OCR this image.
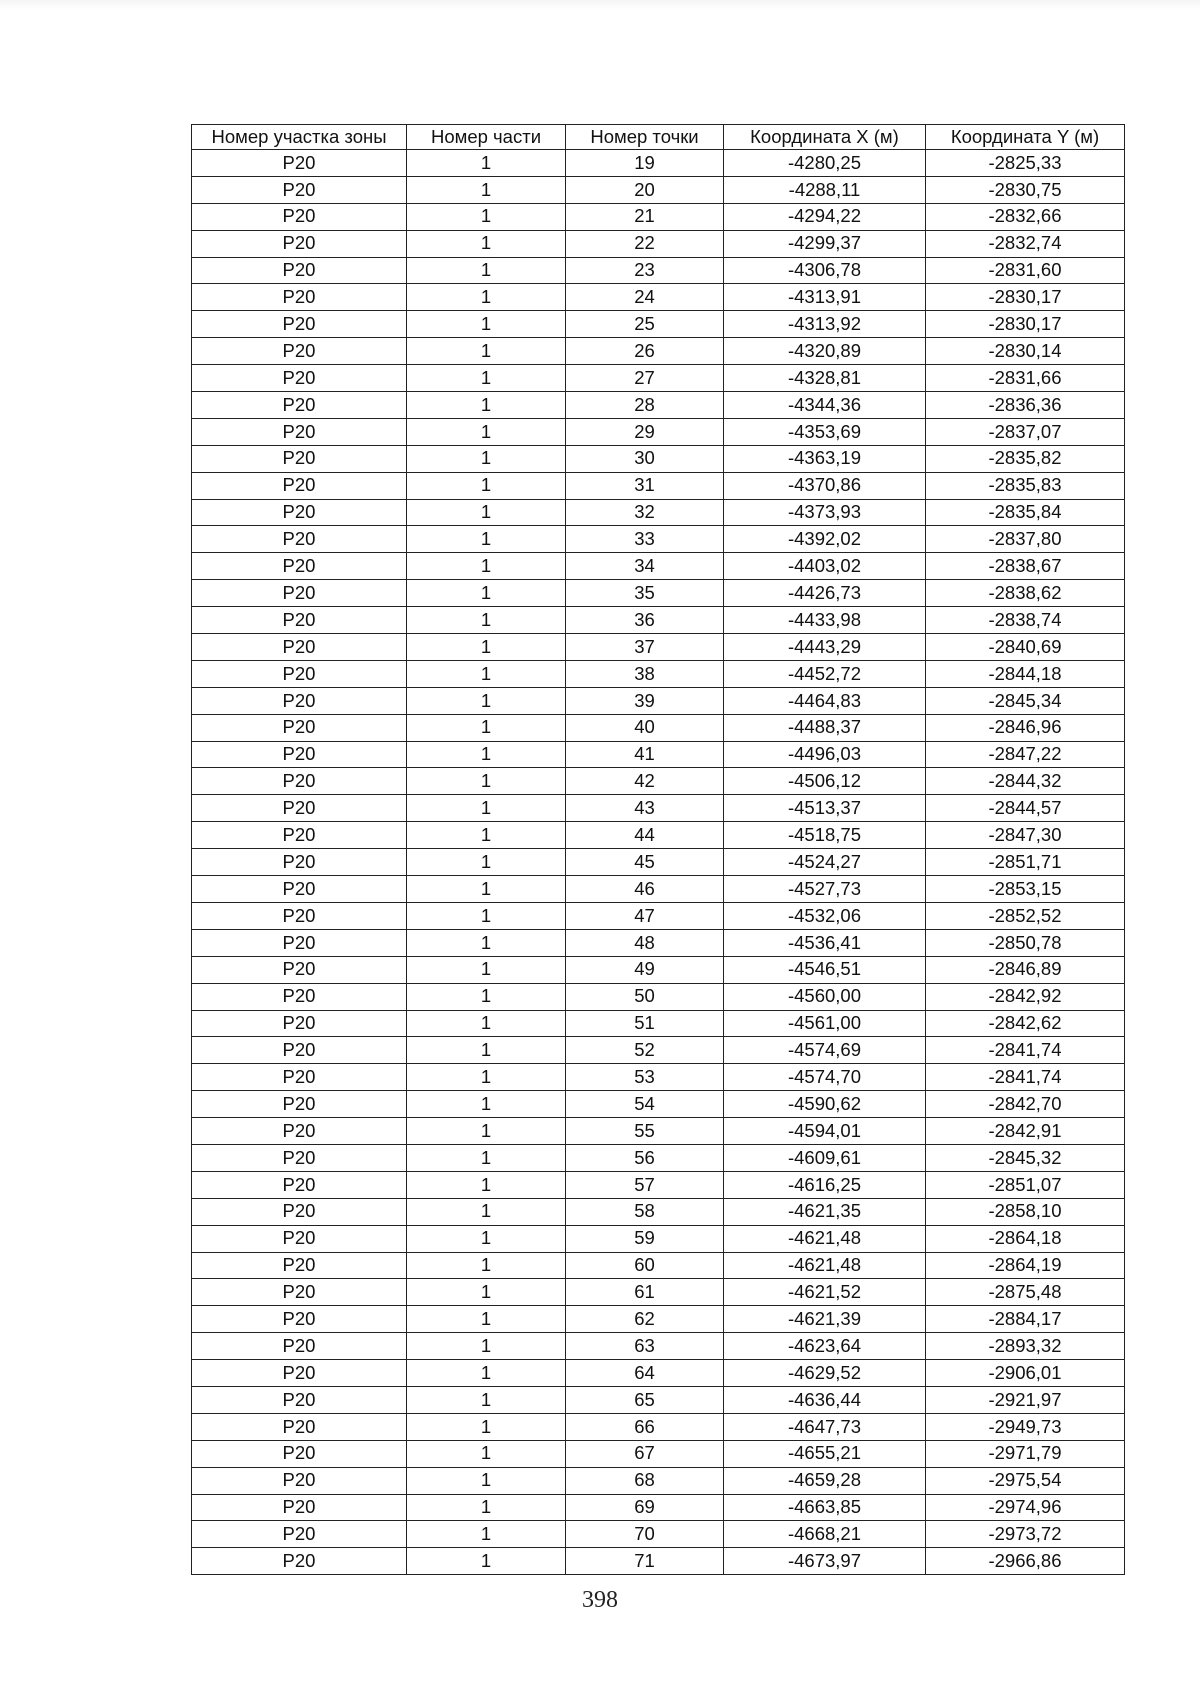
Номер участка зоны	Номер части	Номер точки	Координата X (м)	Координата Y (м)
Р20	1	19	-4280,25	-2825,33
Р20	1	20	-4288,11	-2830,75
Р20	1	21	-4294,22	-2832,66
Р20	1	22	-4299,37	-2832,74
Р20	1	23	-4306,78	-2831,60
Р20	1	24	-4313,91	-2830,17
Р20	1	25	-4313,92	-2830,17
Р20	1	26	-4320,89	-2830,14
Р20	1	27	-4328,81	-2831,66
Р20	1	28	-4344,36	-2836,36
Р20	1	29	-4353,69	-2837,07
Р20	1	30	-4363,19	-2835,82
Р20	1	31	-4370,86	-2835,83
Р20	1	32	-4373,93	-2835,84
Р20	1	33	-4392,02	-2837,80
Р20	1	34	-4403,02	-2838,67
Р20	1	35	-4426,73	-2838,62
Р20	1	36	-4433,98	-2838,74
Р20	1	37	-4443,29	-2840,69
Р20	1	38	-4452,72	-2844,18
Р20	1	39	-4464,83	-2845,34
Р20	1	40	-4488,37	-2846,96
Р20	1	41	-4496,03	-2847,22
Р20	1	42	-4506,12	-2844,32
Р20	1	43	-4513,37	-2844,57
Р20	1	44	-4518,75	-2847,30
Р20	1	45	-4524,27	-2851,71
Р20	1	46	-4527,73	-2853,15
Р20	1	47	-4532,06	-2852,52
Р20	1	48	-4536,41	-2850,78
Р20	1	49	-4546,51	-2846,89
Р20	1	50	-4560,00	-2842,92
Р20	1	51	-4561,00	-2842,62
Р20	1	52	-4574,69	-2841,74
Р20	1	53	-4574,70	-2841,74
Р20	1	54	-4590,62	-2842,70
Р20	1	55	-4594,01	-2842,91
Р20	1	56	-4609,61	-2845,32
Р20	1	57	-4616,25	-2851,07
Р20	1	58	-4621,35	-2858,10
Р20	1	59	-4621,48	-2864,18
Р20	1	60	-4621,48	-2864,19
Р20	1	61	-4621,52	-2875,48
Р20	1	62	-4621,39	-2884,17
Р20	1	63	-4623,64	-2893,32
Р20	1	64	-4629,52	-2906,01
Р20	1	65	-4636,44	-2921,97
Р20	1	66	-4647,73	-2949,73
Р20	1	67	-4655,21	-2971,79
Р20	1	68	-4659,28	-2975,54
Р20	1	69	-4663,85	-2974,96
Р20	1	70	-4668,21	-2973,72
Р20	1	71	-4673,97	-2966,86
398
